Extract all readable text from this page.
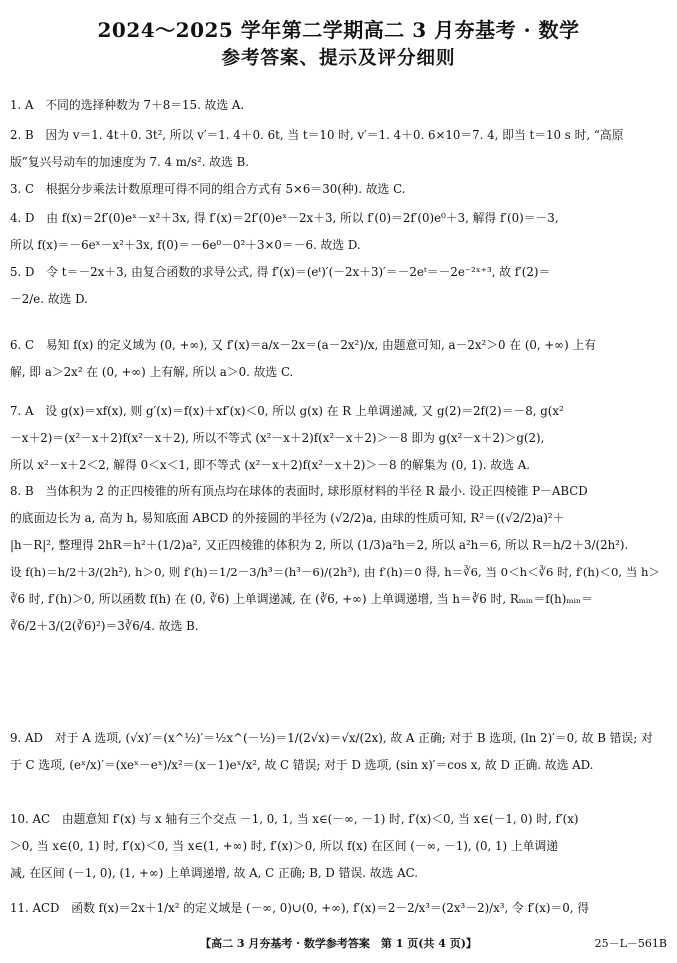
2024～2025 学年第二学期高二 3 月夯基考 · 数学
参考答案、提示及评分细则
1. A　不同的选择种数为 7＋8＝15. 故选 A.
2. B　因为 v＝1. 4t＋0. 3t², 所以 v′＝1. 4＋0. 6t, 当 t＝10 时, v′＝1. 4＋0. 6×10＝7. 4, 即当 t＝10 s 时, “高原
版”复兴号动车的加速度为 7. 4 m/s². 故选 B.
3. C　根据分步乘法计数原理可得不同的组合方式有 5×6＝30(种). 故选 C.
4. D　由 f(x)＝2f′(0)eˣ－x²＋3x, 得 f′(x)＝2f′(0)eˣ－2x＋3, 所以 f′(0)＝2f′(0)e⁰＋3, 解得 f′(0)＝－3,
所以 f(x)＝－6eˣ－x²＋3x, f(0)＝－6e⁰－0²＋3×0＝－6. 故选 D.
5. D　令 t＝－2x＋3, 由复合函数的求导公式, 得 f′(x)＝(eᵗ)′(－2x＋3)′＝－2eᵗ＝－2e⁻²ˣ⁺³, 故 f′(2)＝
－2/e. 故选 D.
6. C　易知 f(x) 的定义域为 (0, +∞), 又 f′(x)＝a/x－2x＝(a－2x²)/x, 由题意可知, a－2x²＞0 在 (0, +∞) 上有
解, 即 a＞2x² 在 (0, +∞) 上有解, 所以 a＞0. 故选 C.
7. A　设 g(x)＝xf(x), 则 g′(x)＝f(x)＋xf′(x)＜0, 所以 g(x) 在 R 上单调递减, 又 g(2)＝2f(2)＝－8, g(x²
－x＋2)＝(x²－x＋2)f(x²－x＋2), 所以不等式 (x²－x＋2)f(x²－x＋2)＞－8 即为 g(x²－x＋2)＞g(2),
所以 x²－x＋2＜2, 解得 0＜x＜1, 即不等式 (x²－x＋2)f(x²－x＋2)＞－8 的解集为 (0, 1). 故选 A.
8. B　当体积为 2 的正四棱锥的所有顶点均在球体的表面时, 球形原材料的半径 R 最小. 设正四棱锥 P－ABCD
的底面边长为 a, 高为 h, 易知底面 ABCD 的外接圆的半径为 (√2/2)a, 由球的性质可知, R²＝((√2/2)a)²＋
|h－R|², 整理得 2hR＝h²＋(1/2)a², 又正四棱锥的体积为 2, 所以 (1/3)a²h＝2, 所以 a²h＝6, 所以 R＝h/2＋3/(2h²).
设 f(h)＝h/2＋3/(2h²), h＞0, 则 f′(h)＝1/2－3/h³＝(h³－6)/(2h³), 由 f′(h)＝0 得, h＝∛6, 当 0＜h＜∛6 时, f′(h)＜0, 当 h＞
∛6 时, f′(h)＞0, 所以函数 f(h) 在 (0, ∛6) 上单调递减, 在 (∛6, +∞) 上单调递增, 当 h＝∛6 时, Rₘᵢₙ＝f(h)ₘᵢₙ＝
∛6/2＋3/(2(∛6)²)＝3∛6/4. 故选 B.
9. AD　对于 A 选项, (√x)′＝(x^½)′＝½x^(－½)＝1/(2√x)＝√x/(2x), 故 A 正确; 对于 B 选项, (ln 2)′＝0, 故 B 错误; 对
于 C 选项, (eˣ/x)′＝(xeˣ－eˣ)/x²＝(x－1)eˣ/x², 故 C 错误; 对于 D 选项, (sin x)′＝cos x, 故 D 正确. 故选 AD.
10. AC　由题意知 f′(x) 与 x 轴有三个交点 －1, 0, 1, 当 x∈(－∞, －1) 时, f′(x)＜0, 当 x∈(－1, 0) 时, f′(x)
＞0, 当 x∈(0, 1) 时, f′(x)＜0, 当 x∈(1, +∞) 时, f′(x)＞0, 所以 f(x) 在区间 (－∞, －1), (0, 1) 上单调递
减, 在区间 (－1, 0), (1, +∞) 上单调递增, 故 A, C 正确; B, D 错误. 故选 AC.
11. ACD　函数 f(x)＝2x＋1/x² 的定义域是 (－∞, 0)∪(0, +∞), f′(x)＝2－2/x³＝(2x³－2)/x³, 令 f′(x)＝0, 得
【高二 3 月夯基考 · 数学参考答案　第 1 页(共 4 页)】	25－L－561B
